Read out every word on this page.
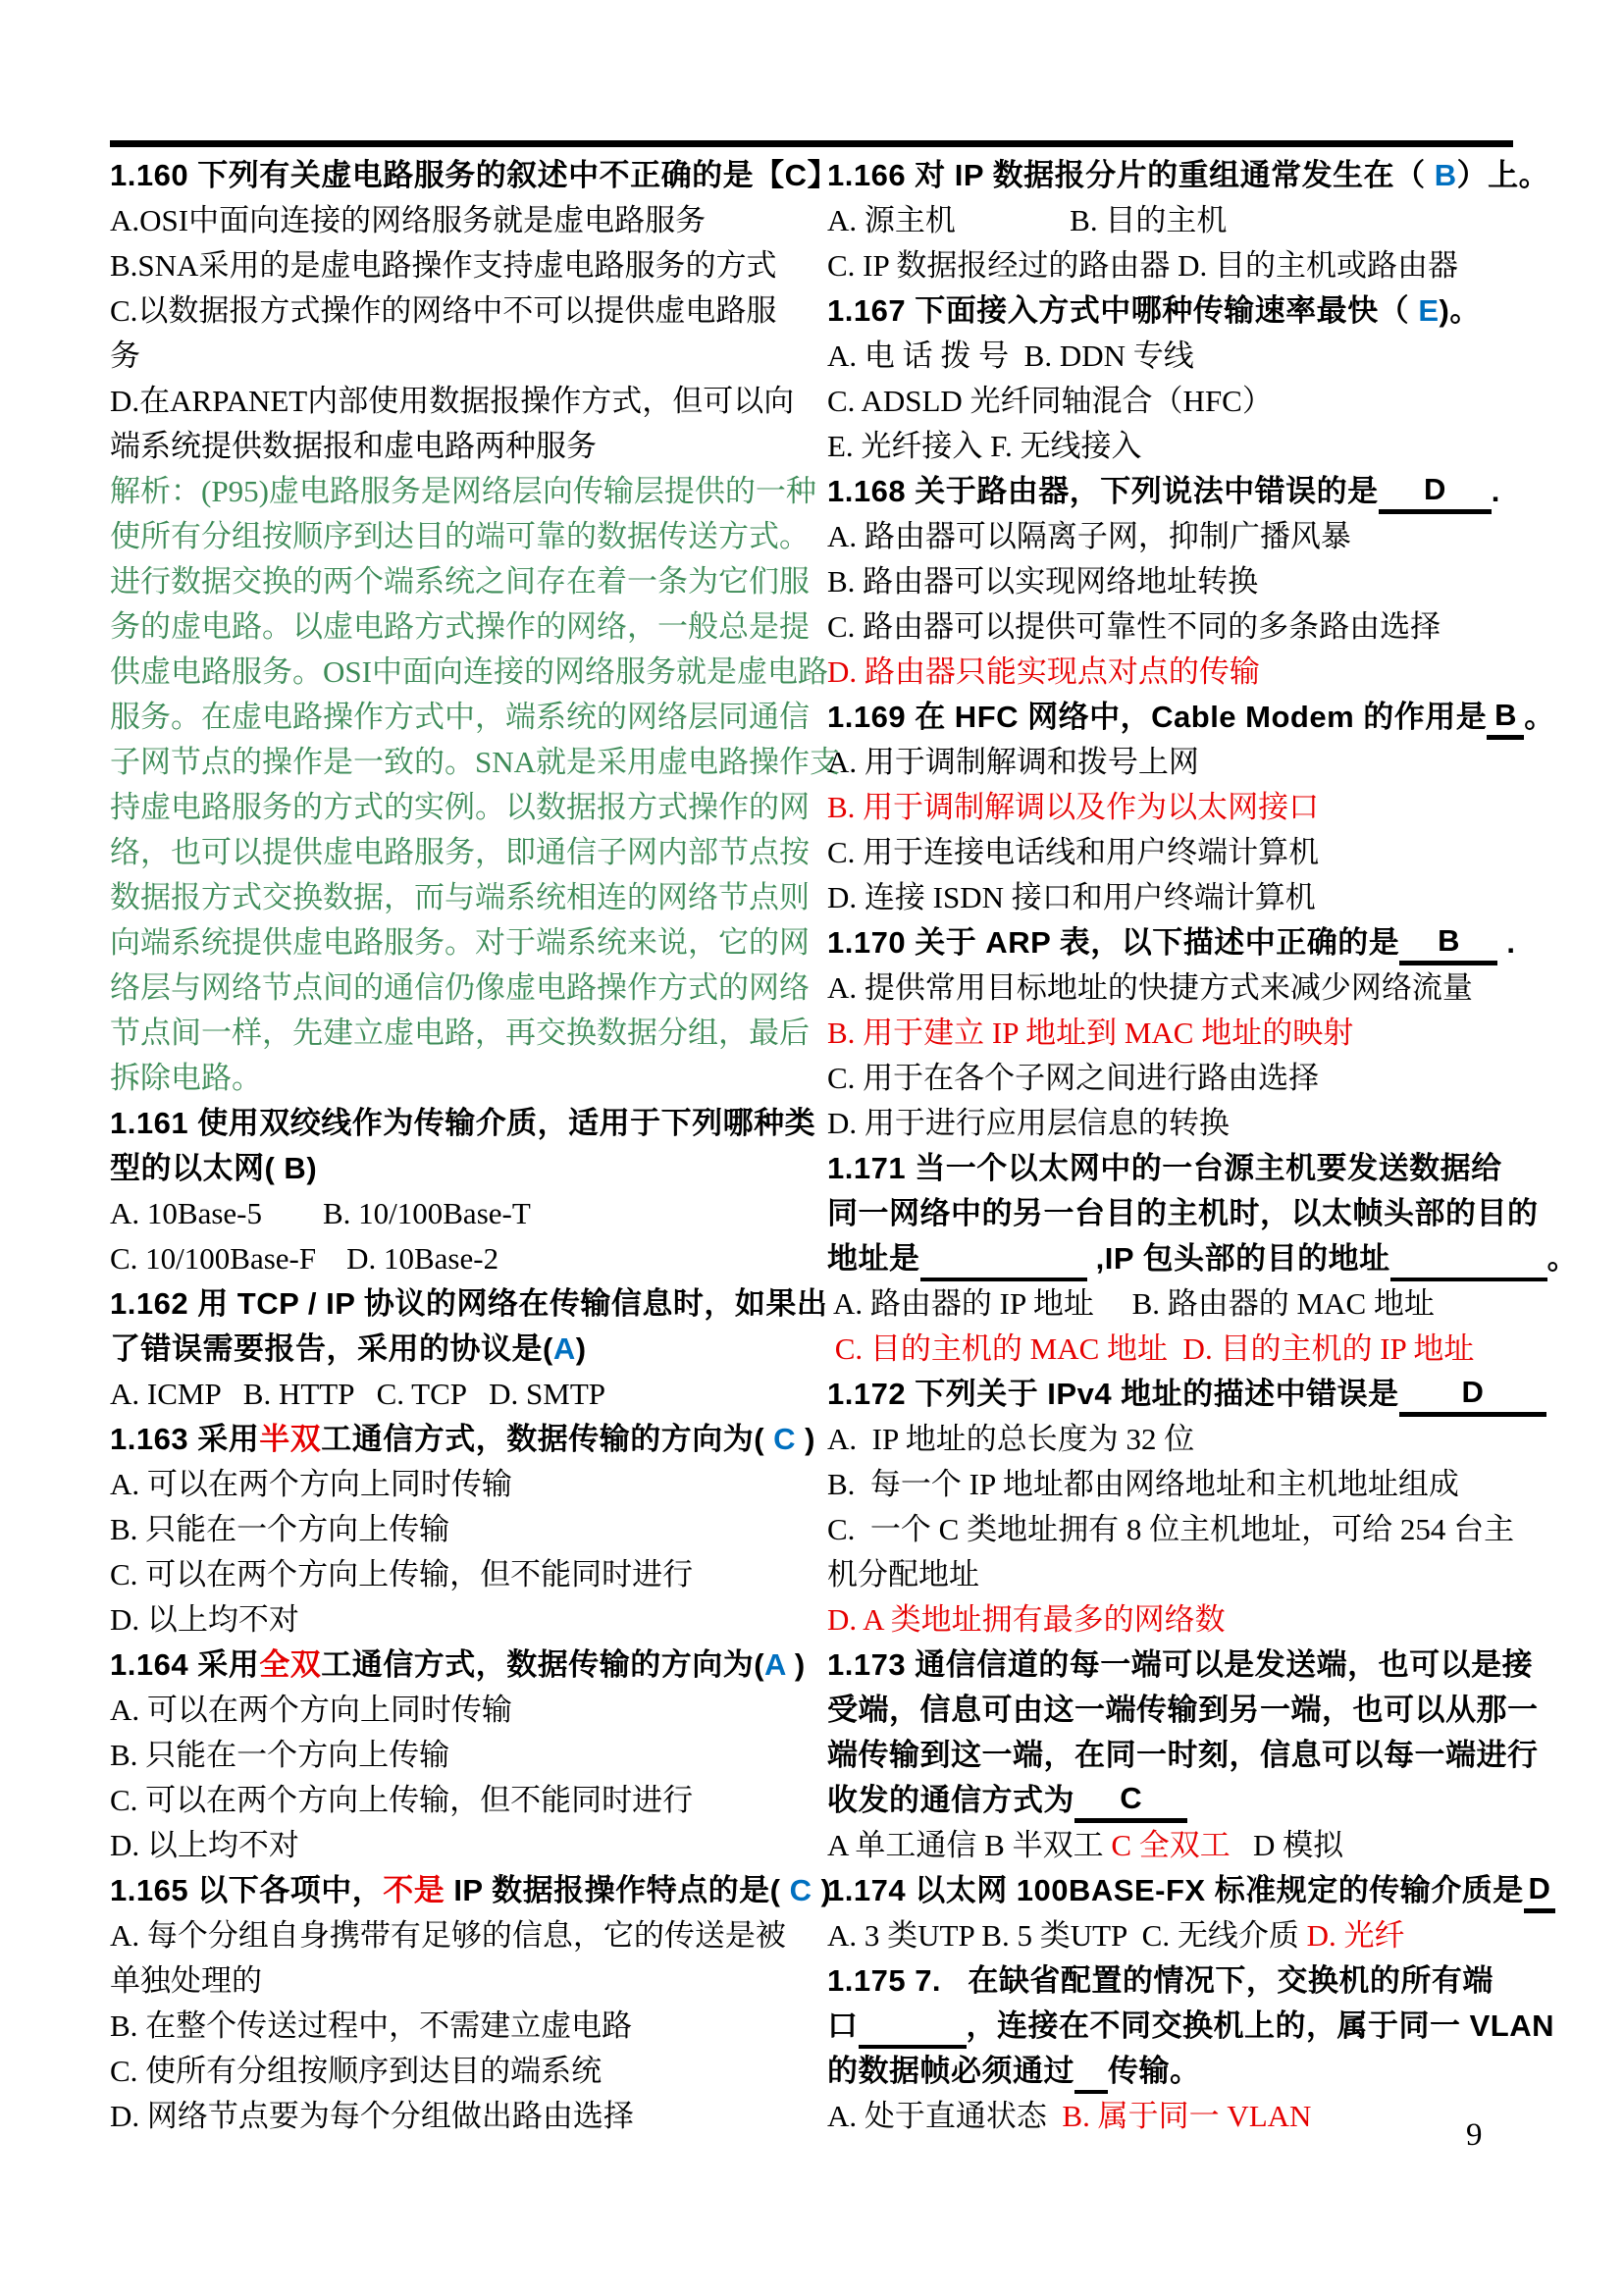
1.160 下列有关虚电路服务的叙述中不正确的是【C】
A.OSI中面向连接的网络服务就是虚电路服务
B.SNA采用的是虚电路操作支持虚电路服务的方式
C.以数据报方式操作的网络中不可以提供虚电路服
务
D.在ARPANET内部使用数据报操作方式，但可以向
端系统提供数据报和虚电路两种服务
解析：(P95)虚电路服务是网络层向传输层提供的一种
使所有分组按顺序到达目的端可靠的数据传送方式。
进行数据交换的两个端系统之间存在着一条为它们服
务的虚电路。以虚电路方式操作的网络，一般总是提
供虚电路服务。OSI中面向连接的网络服务就是虚电路
服务。在虚电路操作方式中，端系统的网络层同通信
子网节点的操作是一致的。SNA就是采用虚电路操作支
持虚电路服务的方式的实例。以数据报方式操作的网
络，也可以提供虚电路服务，即通信子网内部节点按
数据报方式交换数据，而与端系统相连的网络节点则
向端系统提供虚电路服务。对于端系统来说，它的网
络层与网络节点间的通信仍像虚电路操作方式的网络
节点间一样，先建立虚电路，再交换数据分组，最后
拆除电路。
1.161 使用双绞线作为传输介质，适用于下列哪种类
型的以太网( B)
A. 10Base-5        B. 10/100Base-T
C. 10/100Base-F    D. 10Base-2
1.162 用 TCP / IP 协议的网络在传输信息时，如果出
了错误需要报告，采用的协议是(A)
A. ICMP   B. HTTP   C. TCP   D. SMTP
1.163 采用半双工通信方式，数据传输的方向为( C )
A. 可以在两个方向上同时传输
B. 只能在一个方向上传输
C. 可以在两个方向上传输，但不能同时进行
D. 以上均不对
1.164 采用全双工通信方式，数据传输的方向为(A )
A. 可以在两个方向上同时传输
B. 只能在一个方向上传输
C. 可以在两个方向上传输，但不能同时进行
D. 以上均不对
1.165 以下各项中，不是 IP 数据报操作特点的是( C )
A. 每个分组自身携带有足够的信息，它的传送是被
单独处理的
B. 在整个传送过程中，不需建立虚电路
C. 使所有分组按顺序到达目的端系统
D. 网络节点要为每个分组做出路由选择
1.166 对 IP 数据报分片的重组通常发生在（ B）上。
A. 源主机               B. 目的主机
C. IP 数据报经过的路由器 D. 目的主机或路由器
1.167 下面接入方式中哪种传输速率最快（ E)。
A. 电 话 拨 号  B. DDN 专线
C. ADSLD 光纤同轴混合（HFC）
E. 光纤接入 F. 无线接入
1.168 关于路由器，下列说法中错误的是 D .
A. 路由器可以隔离子网，抑制广播风暴
B. 路由器可以实现网络地址转换
C. 路由器可以提供可靠性不同的多条路由选择
D. 路由器只能实现点对点的传输
1.169 在 HFC 网络中，Cable Modem 的作用是 B 。
A. 用于调制解调和拨号上网
B. 用于调制解调以及作为以太网接口
C. 用于连接电话线和用户终端计算机
D. 连接 ISDN 接口和用户终端计算机
1.170 关于 ARP 表，以下描述中正确的是 B .
A. 提供常用目标地址的快捷方式来减少网络流量
B. 用于建立 IP 地址到 MAC 地址的映射
C. 用于在各个子网之间进行路由选择
D. 用于进行应用层信息的转换
1.171 当一个以太网中的一台源主机要发送数据给
同一网络中的另一台目的主机时，以太帧头部的目的
地址是	,IP 包头部的目的地址	。
A. 路由器的 IP 地址     B. 路由器的 MAC 地址
C. 目的主机的 MAC 地址  D. 目的主机的 IP 地址
1.172 下列关于 IPv4 地址的描述中错误是 D
A.  IP 地址的总长度为 32 位
B.  每一个 IP 地址都由网络地址和主机地址组成
C.  一个 C 类地址拥有 8 位主机地址，可给 254 台主
机分配地址
D. A 类地址拥有最多的网络数
1.173 通信信道的每一端可以是发送端，也可以是接
受端，信息可由这一端传输到另一端，也可以从那一
端传输到这一端，在同一时刻，信息可以每一端进行
收发的通信方式为 C
A 单工通信 B 半双工 C 全双工   D 模拟
1.174 以太网 100BASE-FX 标准规定的传输介质是 D
A. 3 类UTP B. 5 类UTP  C. 无线介质 D. 光纤
1.175 7.   在缺省配置的情况下，交换机的所有端
口	，连接在不同交换机上的，属于同一 VLAN
的数据帧必须通过 传输。
A. 处于直通状态  B. 属于同一 VLAN
9
